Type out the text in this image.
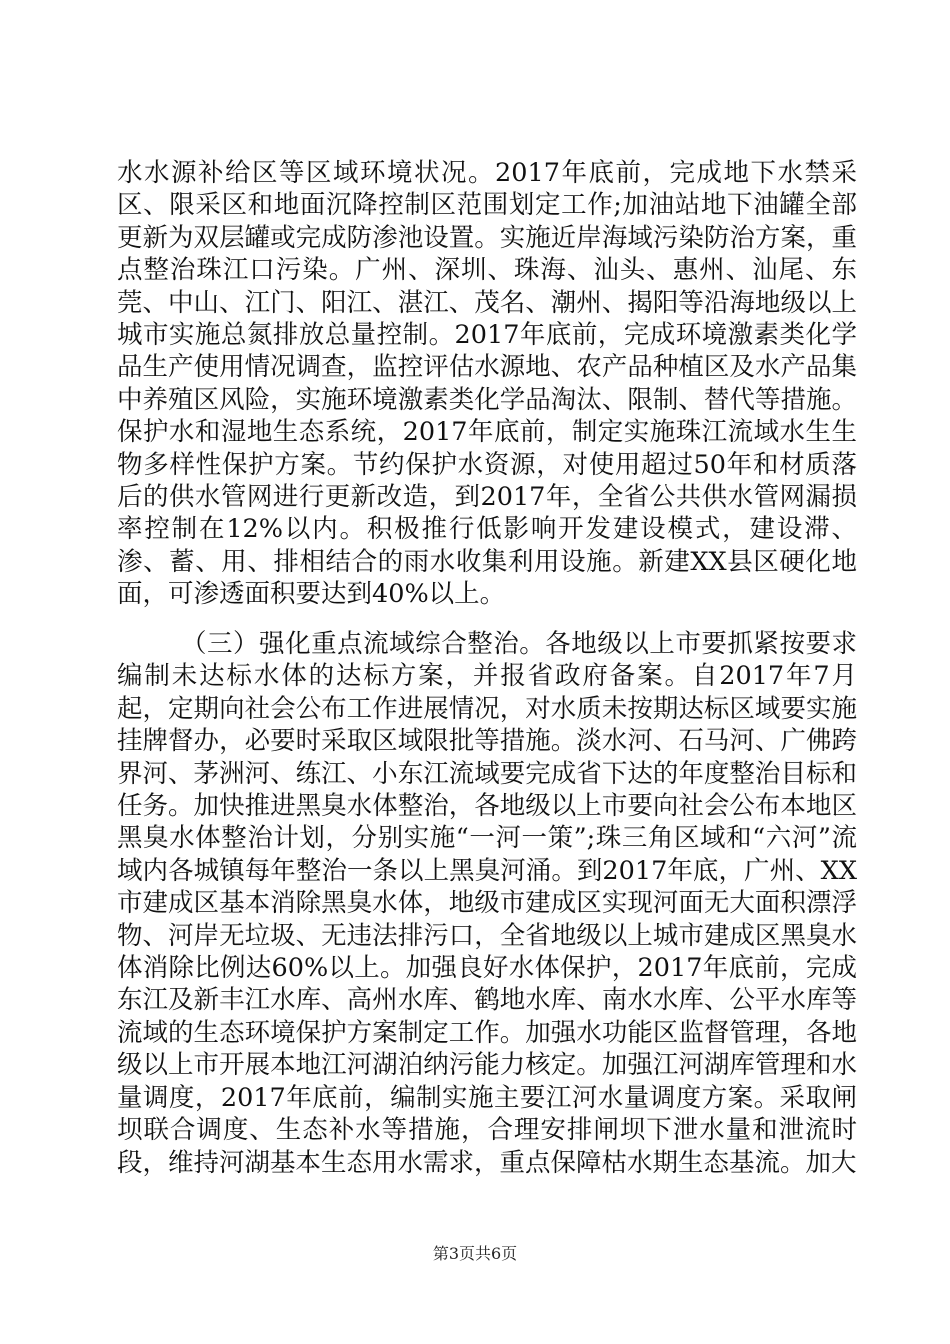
水水源补给区等区域环境状况。2017年底前，完成地下水禁采区、限采区和地面沉降控制区范围划定工作;加油站地下油罐全部更新为双层罐或完成防渗池设置。实施近岸海域污染防治方案，重点整治珠江口污染。广州、深圳、珠海、汕头、惠州、汕尾、东莞、中山、江门、阳江、湛江、茂名、潮州、揭阳等沿海地级以上城市实施总氮排放总量控制。2017年底前，完成环境激素类化学品生产使用情况调查，监控评估水源地、农产品种植区及水产品集中养殖区风险，实施环境激素类化学品淘汰、限制、替代等措施。保护水和湿地生态系统，2017年底前，制定实施珠江流域水生生物多样性保护方案。节约保护水资源，对使用超过50年和材质落后的供水管网进行更新改造，到2017年，全省公共供水管网漏损率控制在12%以内。积极推行低影响开发建设模式，建设滞、渗、蓄、用、排相结合的雨水收集利用设施。新建XX县区硬化地面，可渗透面积要达到40%以上。

（三）强化重点流域综合整治。各地级以上市要抓紧按要求编制未达标水体的达标方案，并报省政府备案。自2017年7月起，定期向社会公布工作进展情况，对水质未按期达标区域要实施挂牌督办，必要时采取区域限批等措施。淡水河、石马河、广佛跨界河、茅洲河、练江、小东江流域要完成省下达的年度整治目标和任务。加快推进黑臭水体整治，各地级以上市要向社会公布本地区黑臭水体整治计划，分别实施“一河一策”;珠三角区域和“六河”流域内各城镇每年整治一条以上黑臭河涌。到2017年底，广州、XX市建成区基本消除黑臭水体，地级市建成区实现河面无大面积漂浮物、河岸无垃圾、无违法排污口，全省地级以上城市建成区黑臭水体消除比例达60%以上。加强良好水体保护，2017年底前，完成东江及新丰江水库、高州水库、鹤地水库、南水水库、公平水库等流域的生态环境保护方案制定工作。加强水功能区监督管理，各地级以上市开展本地江河湖泊纳污能力核定。加强江河湖库管理和水量调度，2017年底前，编制实施主要江河水量调度方案。采取闸坝联合调度、生态补水等措施，合理安排闸坝下泄水量和泄流时段，维持河湖基本生态用水需求，重点保障枯水期生态基流。加大

第3页共6页
